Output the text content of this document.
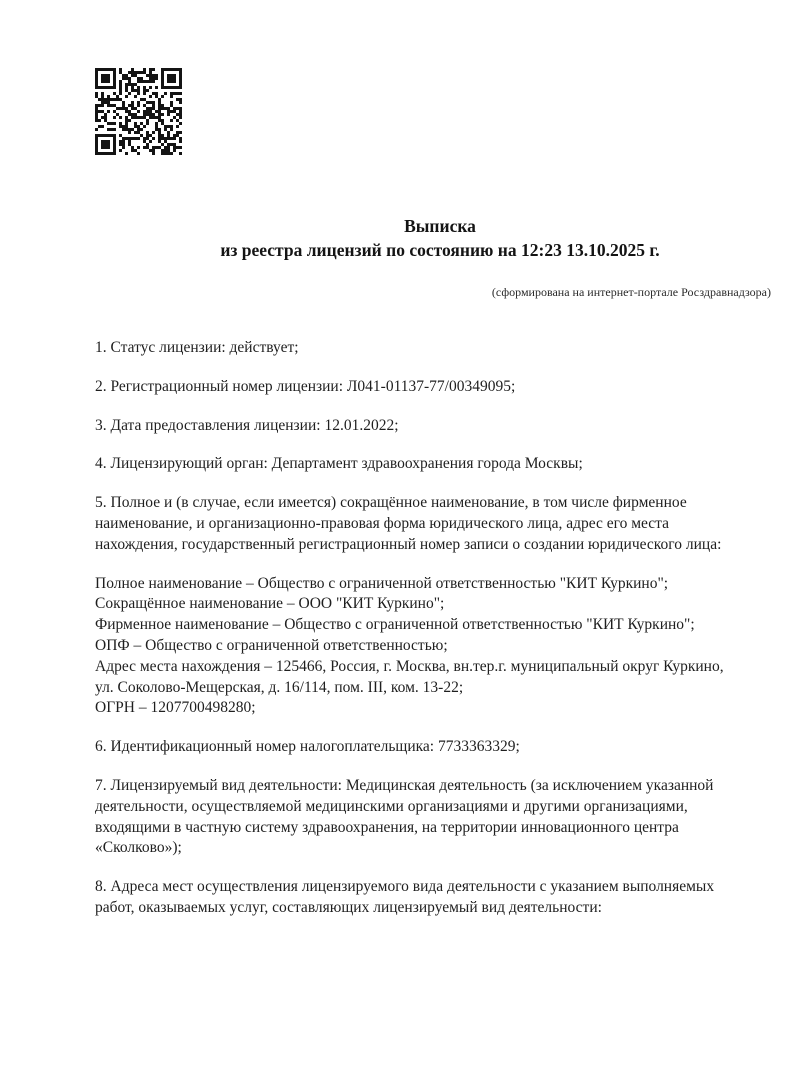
Выписка
из реестра лицензий по состоянию на 12:23 13.10.2025 г.
(сформирована на интернет-портале Росздравнадзора)

1. Статус лицензии: действует;

2. Регистрационный номер лицензии: Л041-01137-77/00349095;

3. Дата предоставления лицензии: 12.01.2022;

4. Лицензирующий орган: Департамент здравоохранения города Москвы;

5. Полное и (в случае, если имеется) сокращённое наименование, в том числе фирменное
наименование, и организационно-правовая форма юридического лица, адрес его места
нахождения, государственный регистрационный номер записи о создании юридического лица:

Полное наименование – Общество с ограниченной ответственностью "КИТ Куркино";
Сокращённое наименование – ООО "КИТ Куркино";
Фирменное наименование – Общество с ограниченной ответственностью "КИТ Куркино";
ОПФ – Общество с ограниченной ответственностью;
Адрес места нахождения – 125466, Россия, г. Москва, вн.тер.г. муниципальный округ Куркино,
ул. Соколово-Мещерская, д. 16/114, пом. III, ком. 13-22;
ОГРН – 1207700498280;

6. Идентификационный номер налогоплательщика: 7733363329;

7. Лицензируемый вид деятельности: Медицинская деятельность (за исключением указанной
деятельности, осуществляемой медицинскими организациями и другими организациями,
входящими в частную систему здравоохранения, на территории инновационного центра
«Сколково»);

8. Адреса мест осуществления лицензируемого вида деятельности с указанием выполняемых
работ, оказываемых услуг, составляющих лицензируемый вид деятельности:
